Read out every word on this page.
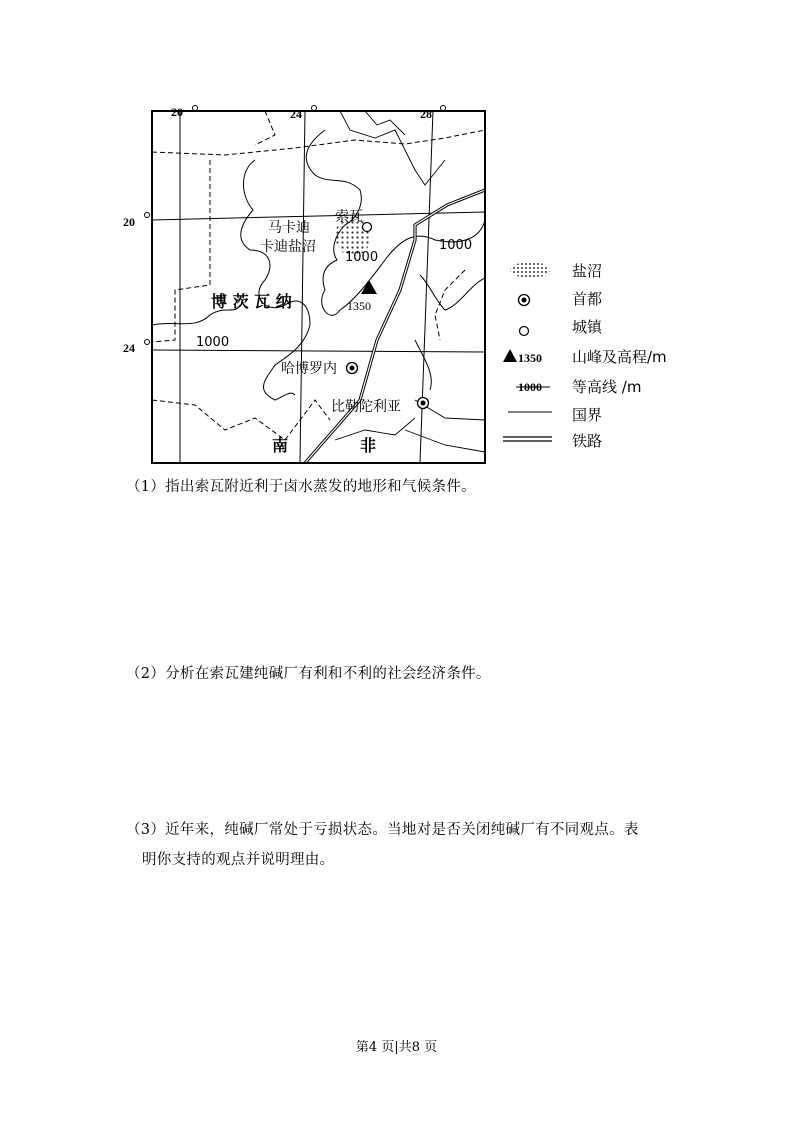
20	24	28
20
24
马卡迪
卡迪盐沼
索瓦
1000
1000
1000
1350
博 茨 瓦 纳
哈博罗内
比勒陀利亚
南	非
盐沼
首都
城镇
1350 山峰及高程/m
1000 等高线 /m
国界
铁路
（1）指出索瓦附近利于卤水蒸发的地形和气候条件。
（2）分析在索瓦建纯碱厂有利和不利的社会经济条件。
（3）近年来，纯碱厂常处于亏损状态。当地对是否关闭纯碱厂有不同观点。表
明你支持的观点并说明理由。
第4 页|共8 页
